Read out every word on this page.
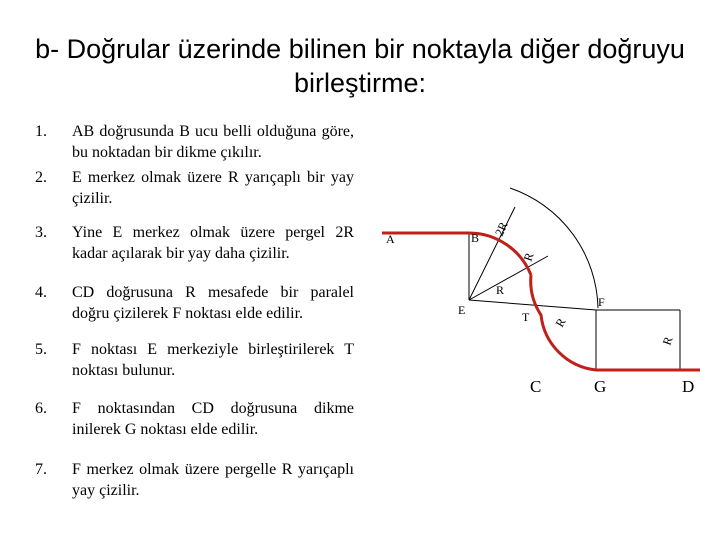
b- Doğrular üzerinde bilinen bir noktayla diğer doğruyu
birleştirme:
1.	AB doğrusunda B ucu belli olduğuna göre, bu noktadan bir dikme çıkılır.
2.	E merkez olmak üzere R yarıçaplı bir yay çizilir.
3.	Yine E merkez olmak üzere pergel 2R kadar açılarak bir yay daha çizilir.
4.	CD doğrusuna R mesafede bir paralel doğru çizilerek F noktası elde edilir.
5.	F noktası E merkeziyle birleştirilerek T noktası bulunur.
6.	F noktasından CD doğrusuna dikme inilerek G noktası elde edilir.
7.	F merkez olmak üzere pergelle R yarıçaplı yay çizilir.
A	B
E
F
T
C	G	D
2R
R
R
R
R
